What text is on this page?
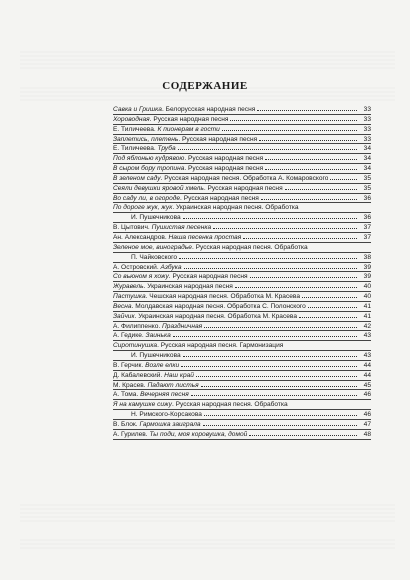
СОДЕРЖАНИЕ
Савка и Гришка. Белорусская народная песня	33
Хороводная. Русская народная песня	33
Е. Тиличеева. К пионерам в гости	33
Заплетись, плетень. Русская народная песня	33
Е. Тиличеева. Труба	34
Под яблонью кудрявою. Русская народная песня	34
В сыром бору тропина. Русская народная песня	34
В зеленом саду. Русская народная песня. Обработка А. Комаровского	35
Сеяли девушки яровой хмель. Русская народная песня	35
Во саду ли, в огороде. Русская народная песня	36
По дороге жук, жук. Украинская народная песня. Обработка
И. Пушечникова	36
В. Цытович. Пушистая песенка	37
Ан. Александров. Наша песенка простая	37
Зеленое мое, виноградье. Русская народная песня. Обработка
П. Чайковского	38
А. Островский. Азбука	39
Со вьюном я хожу. Русская народная песня	39
Журавель. Украинская народная песня	40
Пастушка. Чешская народная песня. Обработка М. Красева	40
Весна. Молдавская народная песня. Обработка С. Полонского	41
Зайчик. Украинская народная песня. Обработка М. Красева	41
А. Филиппенко. Праздничная	42
А. Гедике. Заинька	43
Сиротинушка. Русская народная песня. Гармонизация
И. Пушечникова	43
В. Герчик. Возле елки	44
Д. Кабалевский. Наш край	44
М. Красев. Падают листья	45
А. Тома. Вечерняя песня	46
Я на камушке сижу. Русская народная песня. Обработка
Н. Римского-Корсакова	46
В. Блок. Гармошка заиграла	47
А. Гурилев. Ты поди, моя коровушка, домой	48
